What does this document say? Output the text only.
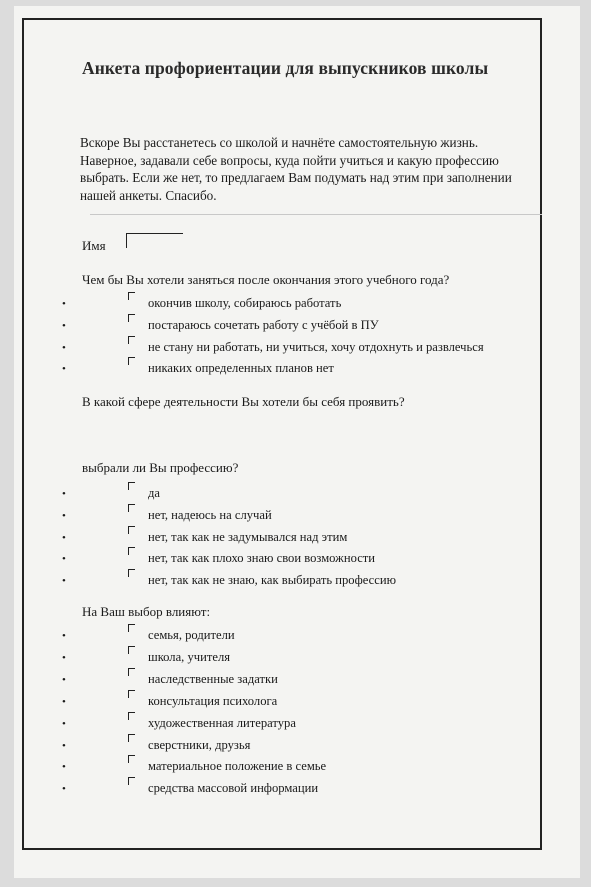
Анкета профориентации для выпускников школы
Вскоре Вы расстанетесь со школой и начнёте самостоятельную жизнь.
Наверное, задавали себе вопросы, куда пойти учиться и какую профессию
выбрать. Если же нет, то предлагаем Вам подумать над этим при заполнении
нашей анкеты. Спасибо.
Имя
Чем бы Вы хотели заняться после окончания этого учебного года?
•	окончив школу, собираюсь работать
•	постараюсь сочетать работу с учёбой в ПУ
•	не стану ни работать, ни учиться, хочу отдохнуть и развлечься
•	никаких определенных планов нет
В какой сфере деятельности Вы хотели бы себя проявить?
выбрали ли Вы профессию?
•	да
•	нет, надеюсь на случай
•	нет, так как не задумывался над этим
•	нет, так как плохо знаю свои возможности
•	нет, так как не знаю, как выбирать профессию
На Ваш выбор влияют:
•	семья, родители
•	школа, учителя
•	наследственные задатки
•	консультация психолога
•	художественная литература
•	сверстники, друзья
•	материальное положение в семье
•	средства массовой информации
